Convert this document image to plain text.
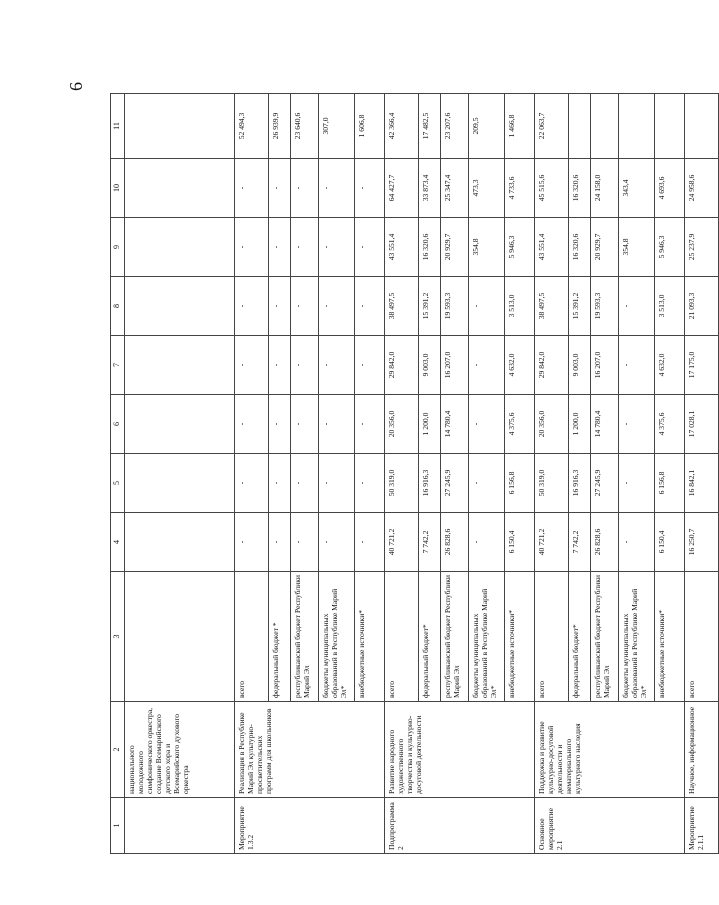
6
1	2	3	4	5	6	7	8	9	10	11
	национального молодежного симфонического оркестра, создание Всемарийского детского хора и Всемарийского духового оркестра									
Мероприятие 1.3.2	Реализация в Республике Марий Эл культурно-просветительских программ для школьников	всего	-	-	-	-	-	-	-	52 494,3
		федеральный бюджет *	-	-	-	-	-	-	-	26 939,9
		республиканский бюджет Республики Марий Эл	-	-	-	-	-	-	-	23 640,6
		бюджеты муниципальных образований в Республике Марий Эл*	-	-	-	-	-	-	-	307,0
		внебюджетные источники*	-	-	-	-	-	-	-	1 606,8
Подпрограмма 2	Развитие народного художественного творчества и культурно-досуговой деятельности	всего	40 721,2	50 319,0	20 356,0	29 842,0	38 497,5	43 551,4	64 427,7	42 366,4
		федеральный бюджет*	7 742,2	16 916,3	1 200,0	9 003,0	15 391,2	16 320,6	33 873,4	17 482,5
		республиканский бюджет Республики Марий Эл	26 828,6	27 245,9	14 780,4	16 207,0	19 593,3	20 929,7	25 347,4	23 207,6
		бюджеты муниципальных образований в Республике Марий Эл*	-	-	-	-	-	354,8	473,3	209,5
		внебюджетные источники*	6 150,4	6 156,8	4 375,6	4 632,0	3 513,0	5 946,3	4 733,6	1 466,8
Основное мероприятие 2.1	Поддержка и развитие культурно-досуговой деятельности и нематериального культурного наследия	всего	40 721,2	50 319,0	20 356,0	29 842,0	38 497,5	43 551,4	45 515,6	22 063,7
		федеральный бюджет*	7 742,2	16 916,3	1 200,0	9 003,0	15 391,2	16 320,6	16 320,6	
		республиканский бюджет Республики Марий Эл	26 828,6	27 245,9	14 780,4	16 207,0	19 593,3	20 929,7	24 158,0	
		бюджеты муниципальных образований в Республике Марий Эл*	-	-	-	-	-	354,8	343,4	
		внебюджетные источники*	6 150,4	6 156,8	4 375,6	4 632,0	3 513,0	5 946,3	4 693,6	
Мероприятие 2.1.1	Научное, информационное	всего	16 250,7	16 842,1	17 028,1	17 175,0	21 093,3	25 237,9	24 958,6	
